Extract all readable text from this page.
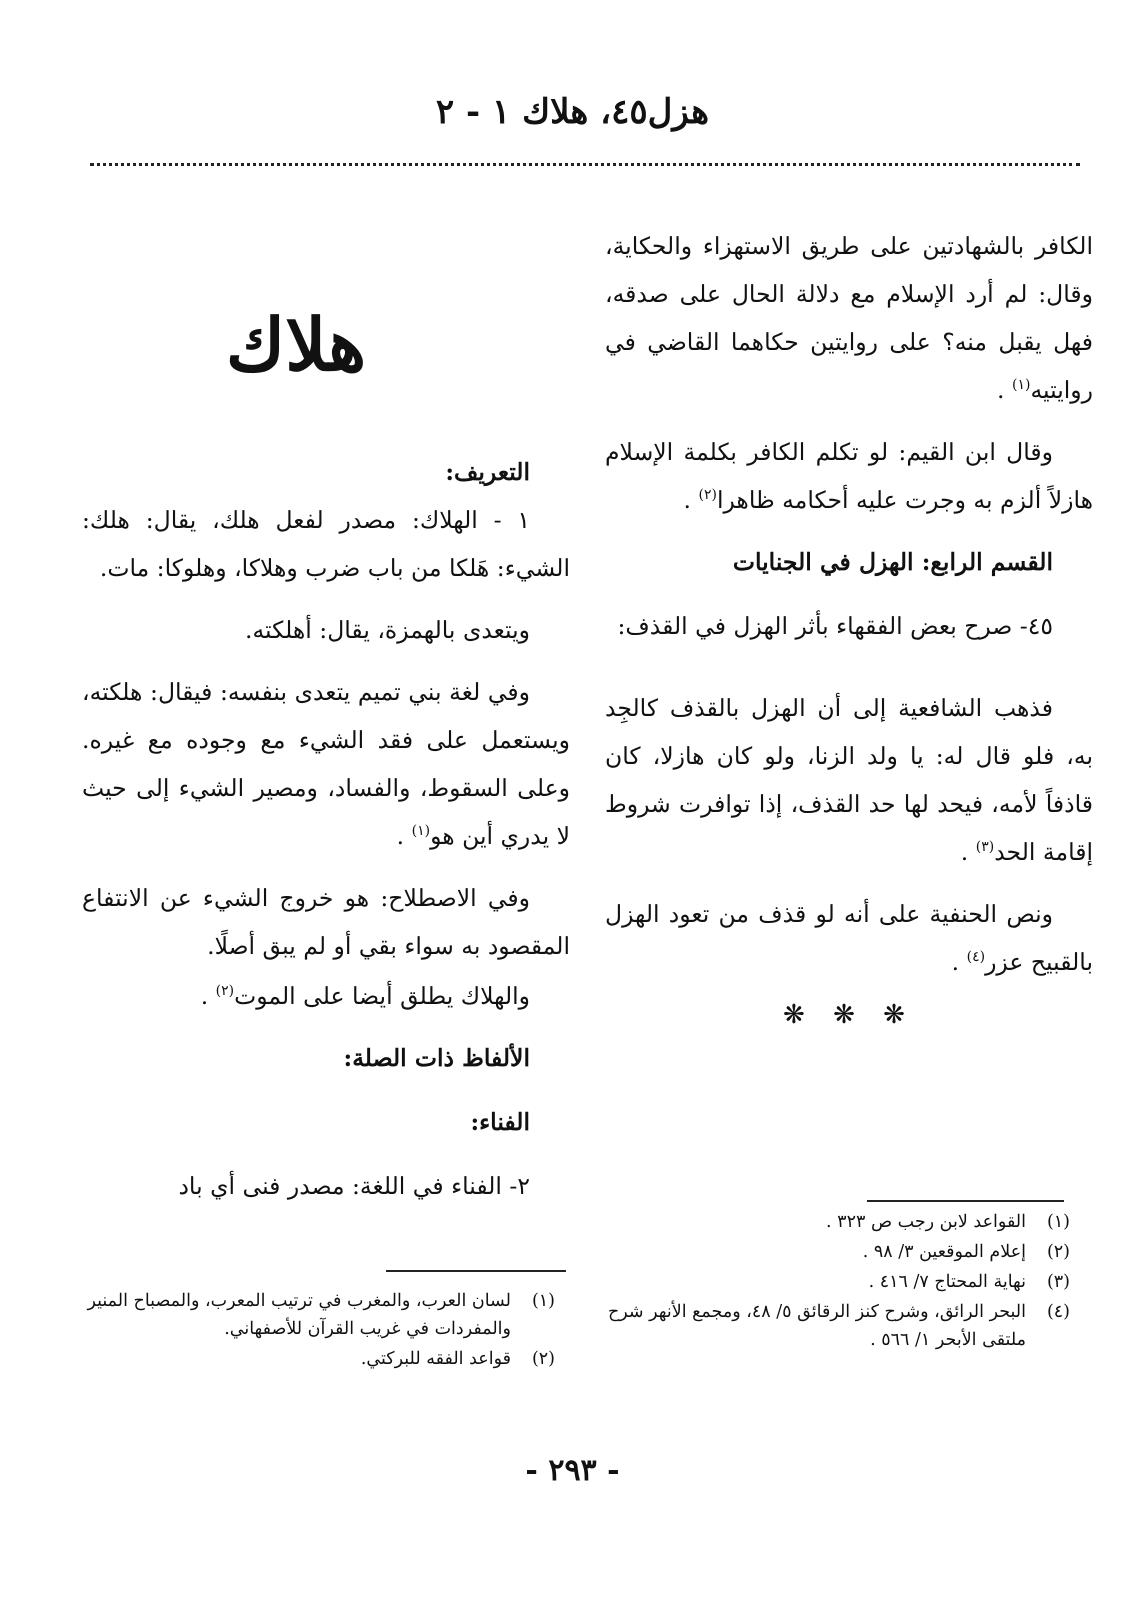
هزل٤٥، هلاك ١ - ٢

الكافر بالشهادتين على طريق الاستهزاء والحكاية، وقال: لم أرد الإسلام مع دلالة الحال على صدقه، فهل يقبل منه؟ على روايتين حكاهما القاضي في روايتيه$^{(١)}$ .

وقال ابن القيم: لو تكلم الكافر بكلمة الإسلام هازلاً ألزم به وجرت عليه أحكامه ظاهرا$^{(٢)}$ .

القسم الرابع: الهزل في الجنايات

٤٥- صرح بعض الفقهاء بأثر الهزل في القذف:

فذهب الشافعية إلى أن الهزل بالقذف كالجِد به، فلو قال له: يا ولد الزنا، ولو كان هازلا، كان قاذفاً لأمه، فيحد لها حد القذف، إذا توافرت شروط إقامة الحد$^{(٣)}$ .

ونص الحنفية على أنه لو قذف من تعود الهزل بالقبيح عزر$^{(٤)}$ .

❋ ❋ ❋
هلاك

التعريف:

١ - الهلاك: مصدر لفعل هلك، يقال: هلك: الشيء: هَلكا من باب ضرب وهلاكا، وهلوكا: مات.

ويتعدى بالهمزة، يقال: أهلكته.

وفي لغة بني تميم يتعدى بنفسه: فيقال: هلكته، ويستعمل على فقد الشيء مع وجوده مع غيره. وعلى السقوط، والفساد، ومصير الشيء إلى حيث لا يدري أين هو$^{(١)}$ .

وفي الاصطلاح: هو خروج الشيء عن الانتفاع المقصود به سواء بقي أو لم يبق أصلًا.

والهلاك يطلق أيضا على الموت$^{(٢)}$ .

الألفاظ ذات الصلة:

الفناء:

٢- الفناء في اللغة: مصدر فنى أي باد

(١)
القواعد لابن رجب ص ٣٢٣ .
(٢)
إعلام الموقعين ٣/ ٩٨ .
(٣)
نهاية المحتاج ٧/ ٤١٦ .
(٤)
البحر الرائق، وشرح كنز الرقائق ٥/ ٤٨، ومجمع الأنهر شرح ملتقى الأبحر ١/ ٥٦٦ .
(١)
لسان العرب، والمغرب في ترتيب المعرب، والمصباح المنير والمفردات في غريب القرآن للأصفهاني.
(٢)
قواعد الفقه للبركتي.
- ٢٩٣ -
